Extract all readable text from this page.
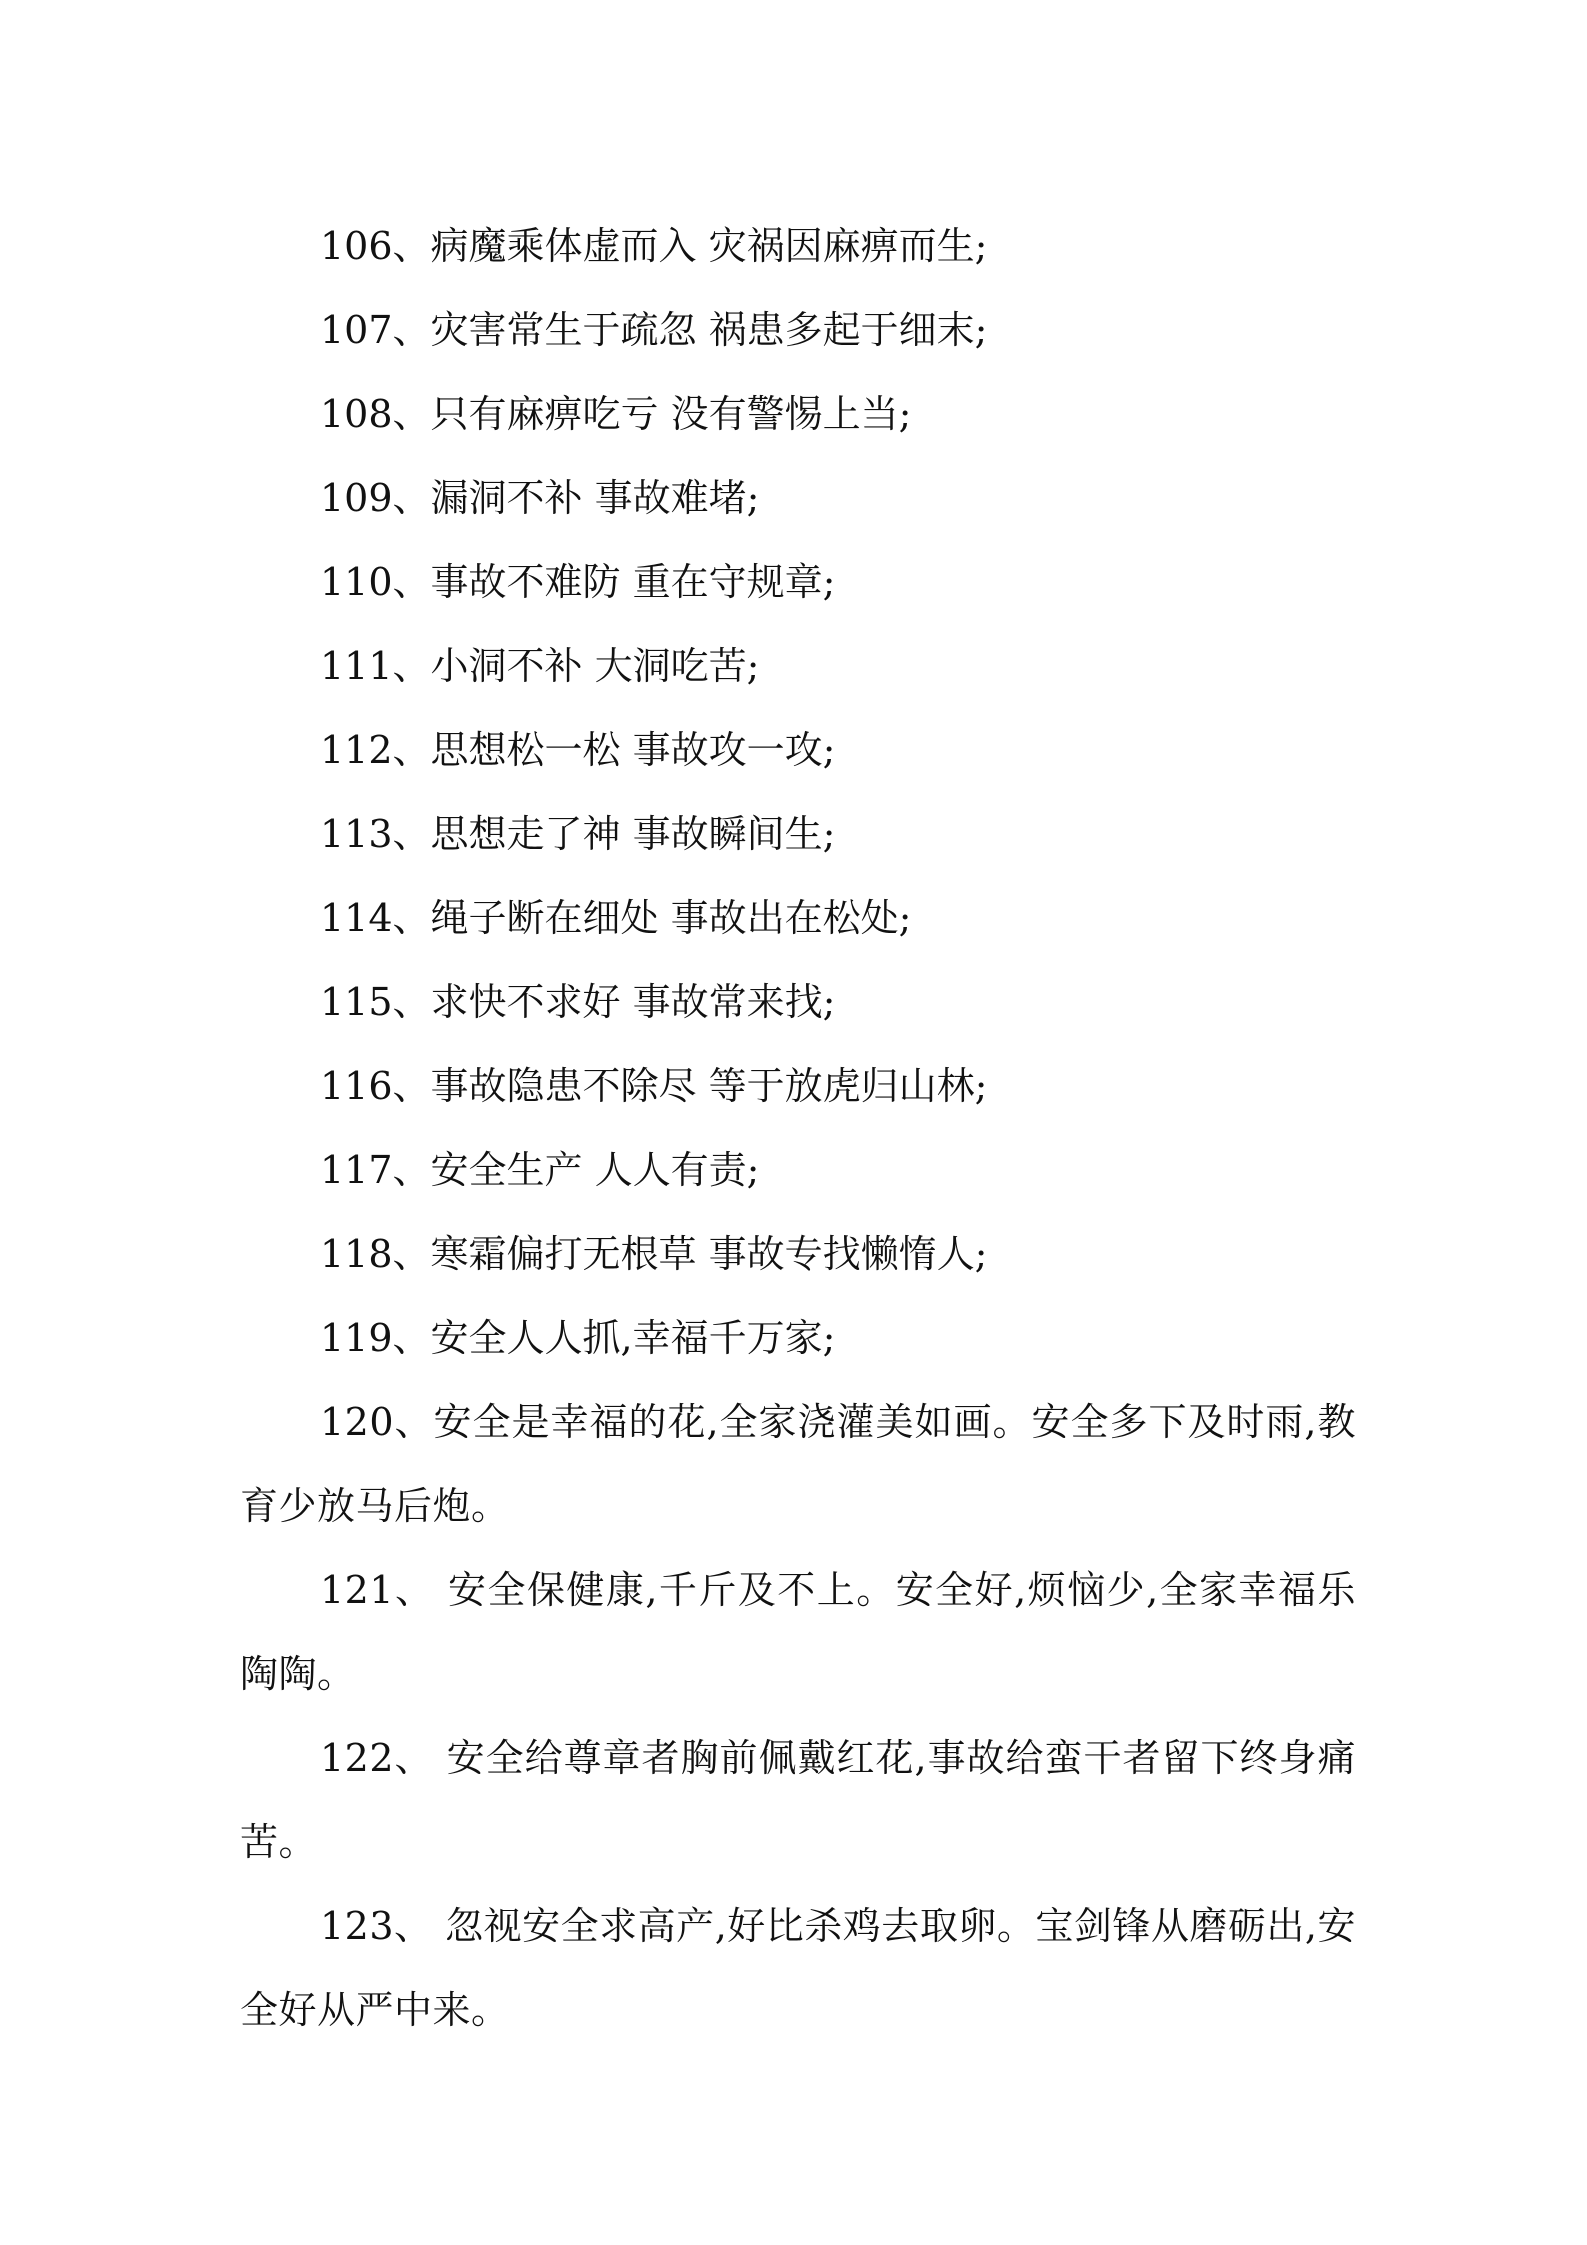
106、病魔乘体虚而入 灾祸因麻痹而生;

107、灾害常生于疏忽 祸患多起于细末;

108、只有麻痹吃亏 没有警惕上当;

109、漏洞不补 事故难堵;

110、事故不难防 重在守规章;

111、小洞不补 大洞吃苦;

112、思想松一松 事故攻一攻;

113、思想走了神 事故瞬间生;

114、绳子断在细处 事故出在松处;

115、求快不求好 事故常来找;

116、事故隐患不除尽 等于放虎归山林;

117、安全生产 人人有责;

118、寒霜偏打无根草 事故专找懒惰人;

119、安全人人抓,幸福千万家;

120、安全是幸福的花,全家浇灌美如画。安全多下及时雨,教育少放马后炮。

121、 安全保健康,千斤及不上。安全好,烦恼少,全家幸福乐陶陶。

122、 安全给尊章者胸前佩戴红花,事故给蛮干者留下终身痛苦。

123、 忽视安全求高产,好比杀鸡去取卵。宝剑锋从磨砺出,安全好从严中来。
